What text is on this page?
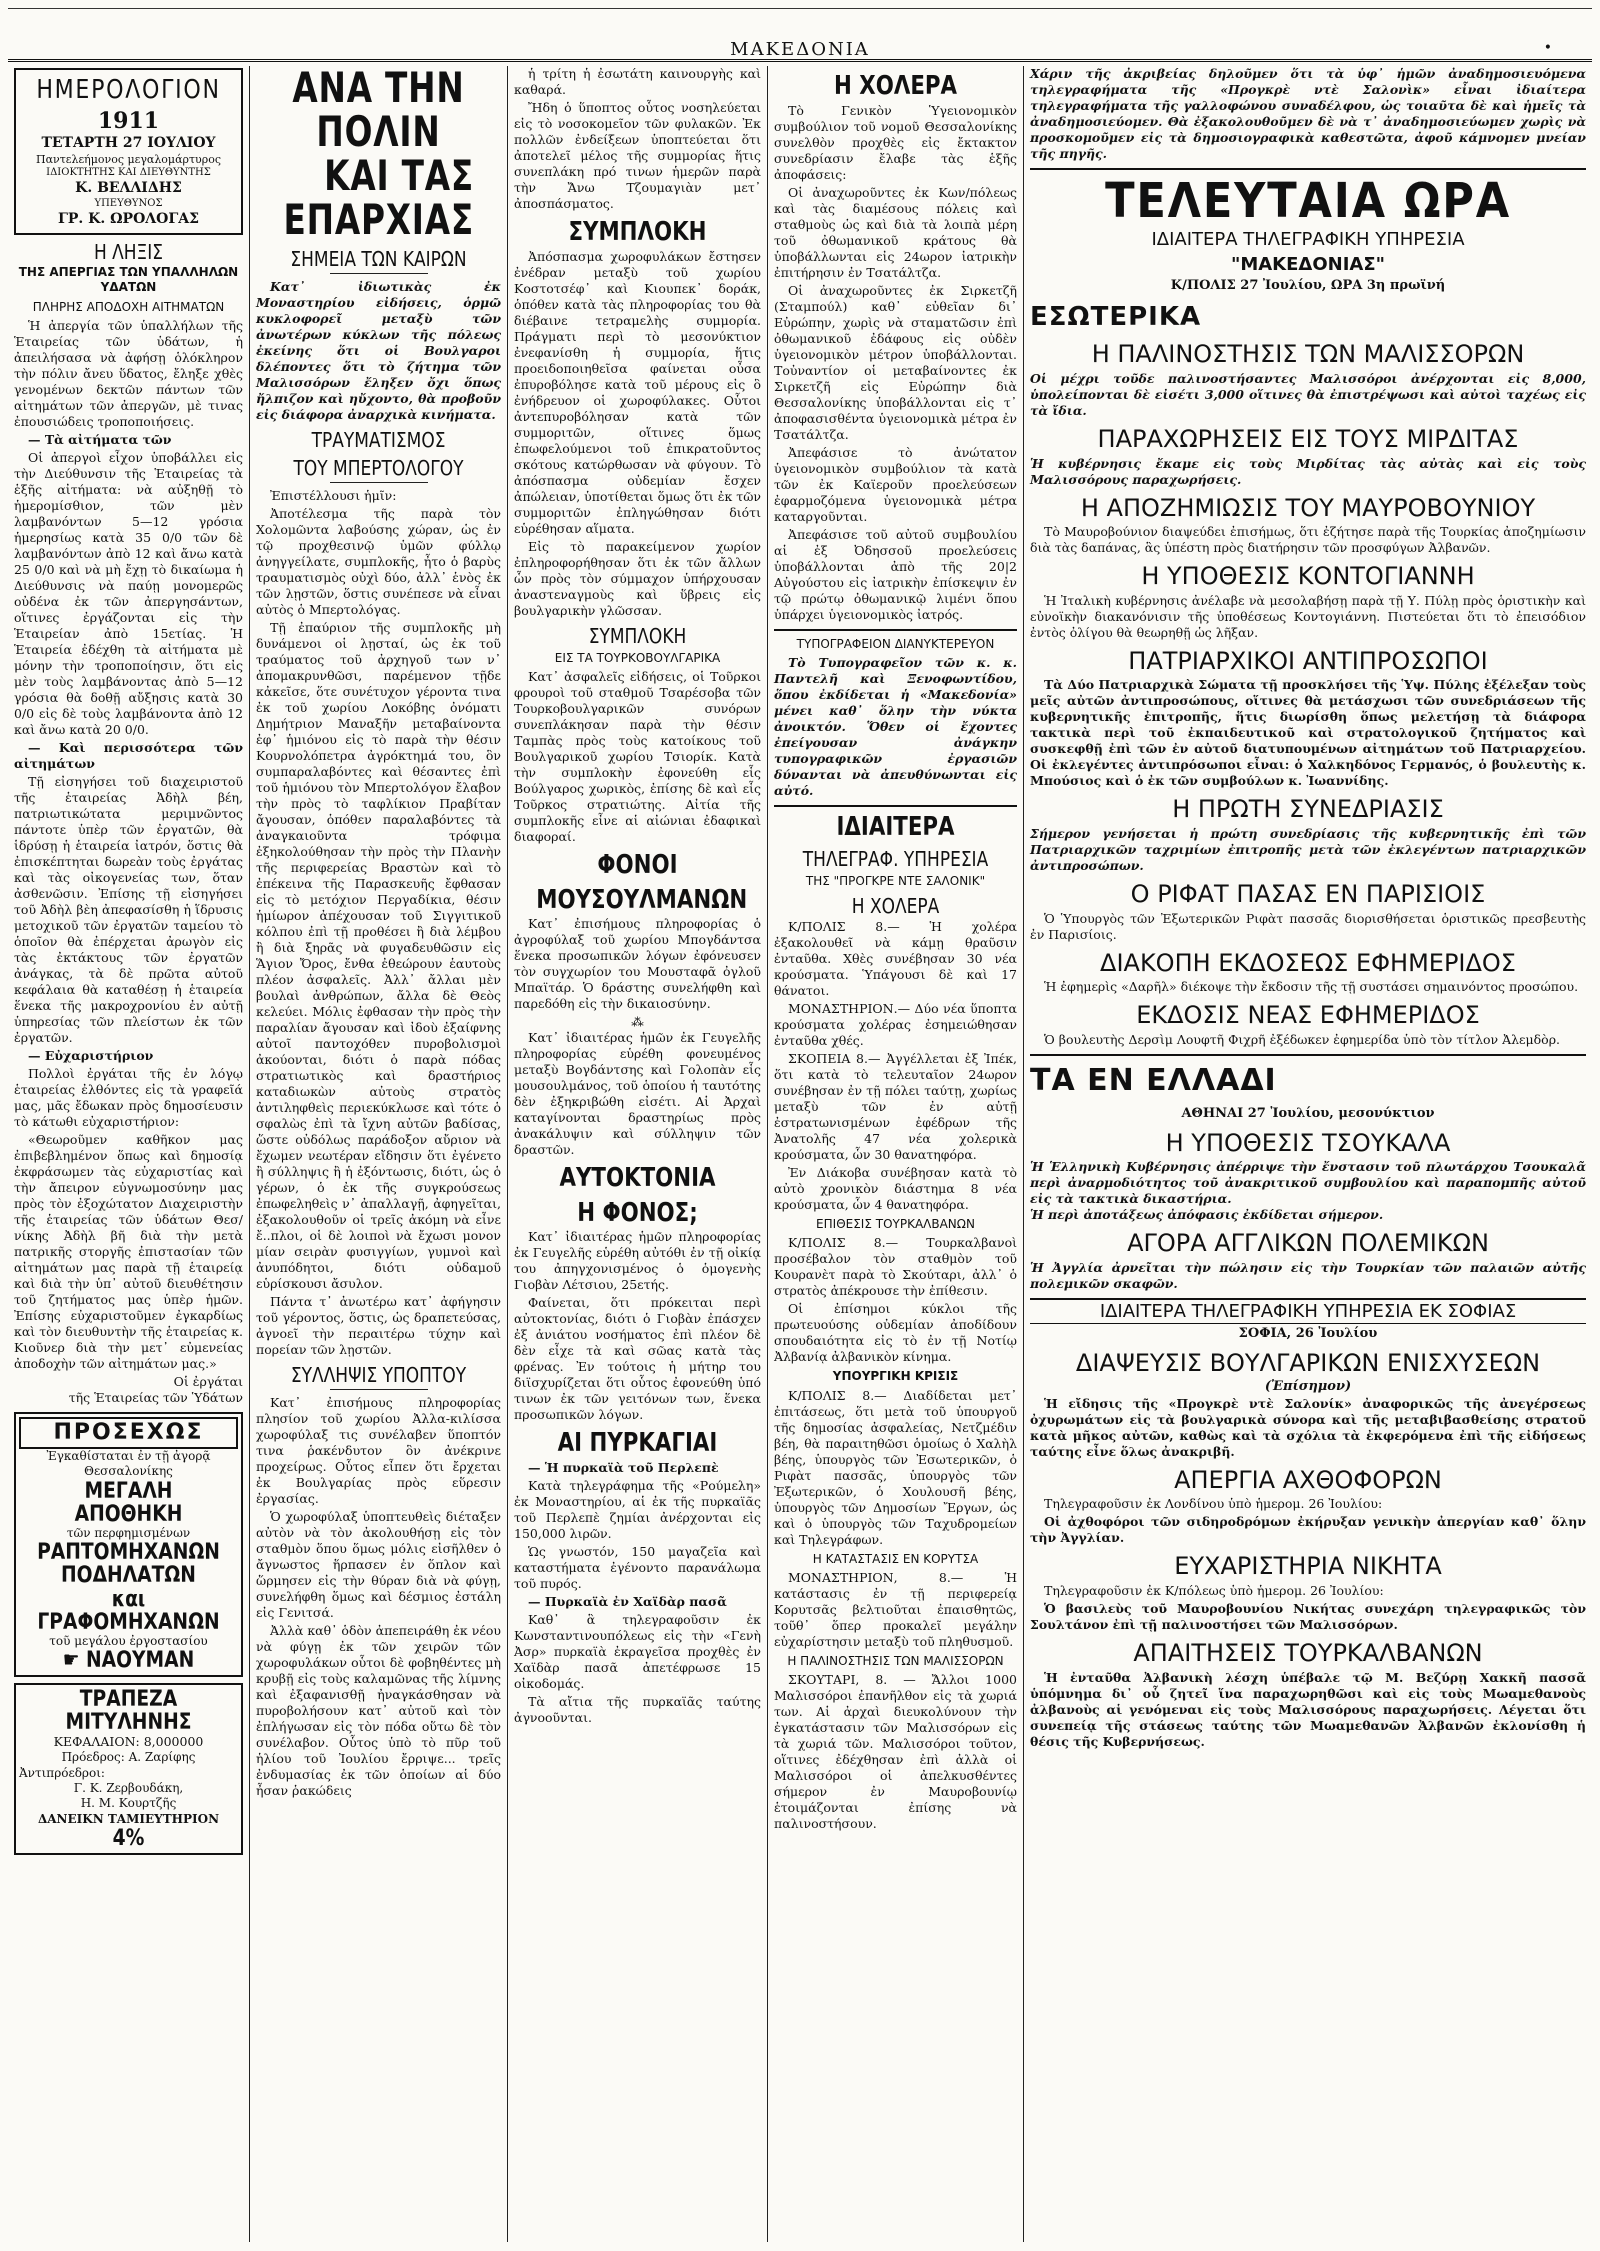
ΜΑΚΕΔΟΝΙΑ	•
ΗΜΕΡΟΛΟΓΙΟΝ
1911
ΤΕΤΑΡΤΗ 27 ΙΟΥΛΙΟΥ
Παντελεήμονος μεγαλομάρτυρος
ΙΔΙΟΚΤΗΤΗΣ ΚΑΙ ΔΙΕΥΘΥΝΤΗΣ
Κ. ΒΕΛΛΙΔΗΣ
ΥΠΕΥΘΥΝΟΣ
ΓΡ. Κ. ΩΡΟΛΟΓΑΣ
Η ΛΗΞΙΣ
ΤΗΣ ΑΠΕΡΓΙΑΣ ΤΩΝ ΥΠΑΛΛΗΛΩΝ ΥΔΑΤΩΝ
ΠΛΗΡΗΣ ΑΠΟΔΟΧΗ ΑΙΤΗΜΑΤΩΝ

Ἡ ἀπεργία τῶν ὑπαλλήλων τῆς Ἑταιρείας τῶν ὑδάτων, ἡ ἀπειλήσασα νὰ ἀφήσῃ ὁλόκληρον τὴν πόλιν ἄνευ ὕδατος, ἔληξε χθὲς γενομένων δεκτῶν πάντων τῶν αἰτημάτων τῶν ἀπεργῶν, μὲ τινας ἐπουσιώδεις τροποποιήσεις.

— Τὰ αἰτήματα τῶν

Οἱ ἀπεργοὶ εἶχον ὑποβάλλει εἰς τὴν Διεύθυνσιν τῆς Ἑταιρείας τὰ ἑξῆς αἰτήματα: νὰ αὐξηθῇ τὸ ἡμερομίσθιον, τῶν μὲν λαμβανόντων 5—12 γρόσια ἡμερησίως κατὰ 35 0/0 τῶν δὲ λαμβανόντων ἀπὸ 12 καὶ ἄνω κατὰ 25 0/0 καὶ νὰ μὴ ἔχῃ τὸ δικαίωμα ἡ Διεύθυνσις νὰ παύῃ μονομερῶς οὐδένα ἐκ τῶν ἀπεργησάντων, οἵτινες ἐργάζονται εἰς τὴν Ἑταιρείαν ἀπὸ 15ετίας. Ἡ Ἑταιρεία ἐδέχθη τὰ αἰτήματα μὲ μόνην τὴν τροποποίησιν, ὅτι εἰς μὲν τοὺς λαμβάνοντας ἀπὸ 5—12 γρόσια θὰ δοθῇ αὔξησις κατὰ 30 0/0 εἰς δὲ τοὺς λαμβάνοντα ἀπὸ 12 καὶ ἄνω κατὰ 20 0/0.

— Καὶ περισσότερα τῶν αἰτημάτων

Τῇ εἰσηγήσει τοῦ διαχειριστοῦ τῆς ἑταιρείας Ἀδὴλ βέη, πατριωτικώτατα μεριμνῶντος πάντοτε ὑπὲρ τῶν ἐργατῶν, θὰ ἱδρύσῃ ἡ ἑταιρεία ἰατρόν, ὅστις θὰ ἐπισκέπτηται δωρεὰν τοὺς ἐργάτας καὶ τὰς οἰκογενείας των, ὅταν ἀσθενῶσιν. Ἐπίσης τῇ εἰσηγήσει τοῦ Ἀδὴλ βὲη ἀπεφασίσθη ἡ ἵδρυσις μετοχικοῦ τῶν ἐργατῶν ταμείου τὸ ὁποῖον θὰ ἐπέρχεται ἀρωγὸν εἰς τὰς ἐκτάκτους τῶν ἐργατῶν ἀνάγκας, τὰ δὲ πρῶτα αὐτοῦ κεφάλαια θὰ καταθέσῃ ἡ ἑταιρεία ἕνεκα τῆς μακροχρονίου ἐν αὐτῇ ὑπηρεσίας τῶν πλείστων ἐκ τῶν ἐργατῶν.

— Εὐχαριστήριον

Πολλοὶ ἐργάται τῆς ἐν λόγῳ ἑταιρείας ἐλθόντες εἰς τὰ γραφεῖά μας, μᾶς ἔδωκαν πρὸς δημοσίευσιν τὸ κάτωθι εὐχαριστήριον:

«Θεωροῦμεν καθῆκον μας ἐπιβεβλημένον ὅπως καὶ δημοσίᾳ ἐκφράσωμεν τὰς εὐχαριστίας καὶ τὴν ἄπειρον εὐγνωμοσύνην μας πρὸς τὸν ἐξοχώτατον Διαχειριστὴν τῆς ἑταιρείας τῶν ὑδάτων Θεσ/νίκης Ἀδὴλ βῆ διὰ τὴν μετὰ πατρικῆς στοργῆς ἐπιστασίαν τῶν αἰτημάτων μας παρὰ τῇ ἑταιρείᾳ καὶ διὰ τὴν ὑπ᾿ αὐτοῦ διευθέτησιν τοῦ ζητήματος μας ὑπὲρ ἡμῶν. Ἐπίσης εὐχαριστοῦμεν ἐγκαρδίως καὶ τὸν διευθυντὴν τῆς ἑταιρείας κ. Κιοῦνερ διὰ τὴν μετ᾿ εὐμενείας ἀποδοχὴν τῶν αἰτημάτων μας.»

Οἱ ἐργάται

τῆς Ἑταιρείας τῶν Ὑδάτων

ΠΡΟΣΕΧΩΣ
Ἐγκαθίσταται ἐν τῇ ἀγορᾷ Θεσσαλονίκης
ΜΕΓΑΛΗ ΑΠΟΘΗΚΗ
τῶν περφημισμένων
ΡΑΠΤΟΜΗΧΑΝΩΝ
ΠΟΔΗΛΑΤΩΝ
και ΓΡΑΦΟΜΗΧΑΝΩΝ
τοῦ μεγάλου ἐργοστασίου
☛ ΝΑΟΥΜΑΝ
ΤΡΑΠΕΖΑ ΜΙΤΥΛΗΝΗΣ
ΚΕΦΑΛΑΙΟΝ: 8,000000
Πρόεδρος: Α. Ζαρίφης
Ἀντιπρόεδροι:
Γ. Κ. Ζερβουδάκη,
Η. Μ. Κουρτζῆς
ΔΑΝΕΙΚΝ ΤΑΜΙΕΥΤΗΡΙΟΝ
4%
ΑΝΑ ΤΗΝ ΠΟΛΙΝ
ΚΑΙ ΤΑΣ ΕΠΑΡΧΙΑΣ
ΣΗΜΕΙΑ ΤΩΝ ΚΑΙΡΩΝ

Κατ᾿ ἰδιωτικὰς ἐκ Μοναστηρίου εἰδήσεις, ὁρμῶ κυκλοφορεῖ μεταξὺ τῶν ἀνωτέρων κύκλων τῆς πόλεως ἐκείνης ὅτι οἱ Βουλγαροι δλέποντες ὅτι τὸ ζήτημα τῶν Μαλισσόρων ἔληξεν ὄχι ὅπως ἤλπιζον καὶ ηὔχοντο, θὰ προβοῦν εἰς διάφορα ἀναρχικὰ κινήματα.

ΤΡΑΥΜΑΤΙΣΜΟΣ
ΤΟΥ ΜΠΕΡΤΟΛΟΓΟΥ

Ἐπιστέλλουσι ἡμῖν:

Ἀποτέλεσμα τῆς παρὰ τὸν Χολομῶντα λαβούσης χώραν, ὡς ἐν τῷ προχθεσινῷ ὑμῶν φύλλῳ ἀνηγγείλατε, συμπλοκῆς, ἦτο ὁ βαρὺς τραυματισμὸς οὐχὶ δύο, ἀλλ᾿ ἑνὸς ἐκ τῶν λῃστῶν, ὅστις συνέπεσε νὰ εἶναι αὐτὸς ὁ Μπερτολόγας.

Τῇ ἐπαύριον τῆς συμπλοκῆς μὴ δυνάμενοι οἱ λῃσταί, ὡς ἐκ τοῦ τραύματος τοῦ ἀρχηγοῦ των ν᾿ ἀπομακρυνθῶσι, παρέμενον τῇδε κἀκεῖσε, ὅτε συνέτυχον γέροντα τινα ἐκ τοῦ χωρίου Λοκόβης ὀνόματι Δημήτριον Μαναξῆν μεταβαίνοντα ἐφ᾿ ἡμιόνου εἰς τὸ παρὰ τὴν θέσιν Κουρνολόπετρα ἀγρόκτημά του, ὃν συμπαραλαβόντες καὶ θέσαντες ἐπὶ τοῦ ἡμιόνου τὸν Μπερτολόγον ἔλαβον τὴν πρὸς τὸ ταφλίκιον Πραβίταν ἄγουσαν, ὁπόθεν παραλαβόντες τὰ ἀναγκαιοῦντα τρόφιμα ἐξηκολούθησαν τὴν πρὸς τὴν Πλανὴν τῆς περιφερείας Βραστὼν καὶ τὸ ἐπέκεινα τῆς Παρασκευῆς ἔφθασαν εἰς τὸ μετόχιον Περγαδίκια, θέσιν ἡμίωρον ἀπέχουσαν τοῦ Σιγγιτικοῦ κόλπου ἐπὶ τῇ προθέσει ἢ διὰ λέμβου ἢ διὰ ξηρᾶς νὰ φυγαδευθῶσιν εἰς Ἅγιον Ὄρος, ἔνθα ἐθεώρουν ἑαυτοὺς πλέον ἀσφαλεῖς. Ἀλλ᾿ ἄλλαι μὲν βουλαὶ ἀνθρώπων, ἄλλα δὲ Θεὸς κελεύει. Μόλις ἐφθασαν τὴν πρὸς τὴν παραλίαν ἄγουσαν καὶ ἰδοὺ ἐξαίφνης αὐτοῖ παντοχόθεν πυροβολισμοὶ ἀκούονται, διότι ὁ παρὰ πόδας στρατιωτικὸς καὶ δραστήριος καταδιωκὼν αὐτοὺς στρατὸς ἀντιληφθεὶς περιεκύκλωσε καὶ τότε ὁ σφαλὼς ἐπὶ τὰ ἴχνη αὐτῶν βαδίσας, ὥστε οὐδόλως παράδοξον αὔριον νὰ ἔχωμεν νεωτέραν εἴδησιν ὅτι ἐγένετο ἢ σύλληψις ἢ ἡ ἐξόντωσις, διότι, ὡς ὁ γέρων, ὁ ἐκ τῆς συγκρούσεως ἐπωφεληθεὶς ν᾿ ἀπαλλαγῇ, ἀφηγεῖται, ἐξακολουθοῦν οἱ τρεῖς ἀκόμη νὰ εἶνε ἔ..πλοι, οἱ δὲ λοιποὶ νὰ ἔχωσι μονον μίαν σειρὰν φυσιγγίων, γυμνοὶ καὶ ἀνυπόδητοι, διότι οὐδαμοῦ εὑρίσκουσι ἄσυλον.

Πάντα τ᾿ ἀνωτέρω κατ᾿ ἀφήγησιν τοῦ γέροντος, ὅστις, ὡς δραπετεύσας, ἀγνοεῖ τὴν περαιτέρω τύχην καὶ πορείαν τῶν λῃστῶν.

ΣΥΛΛΗΨΙΣ ΥΠΟΠΤΟΥ

Κατ᾿ ἐπισήμους πληροφορίας πλησίον τοῦ χωρίου Ἀλλα-κιλίσσα χωροφύλαξ τις συνέλαβεν ὕποπτόν τινα ῥακένδυτον ὃν ἀνέκρινε προχείρως. Οὗτος εἶπεν ὅτι ἔρχεται ἐκ Βουλγαρίας πρὸς εὕρεσιν ἐργασίας.

Ὁ χωροφύλαξ ὑποπτευθεὶς διέταξεν αὐτὸν νὰ τὸν ἀκολουθήσῃ εἰς τὸν σταθμὸν ὅπου ὅμως μόλις εἰσῆλθεν ὁ ἄγνωστος ἥρπασεν ἐν ὅπλον καὶ ὥρμησεν εἰς τὴν θύραν διὰ νὰ φύγῃ, συνελήφθη ὅμως καὶ δέσμιος ἐστάλη εἰς Γενιτσά.

Ἀλλὰ καθ᾿ ὁδὸν ἀπεπειράθη ἐκ νέου νὰ φύγῃ ἐκ τῶν χειρῶν τῶν χωροφυλάκων οὗτοι δὲ φοβηθέντες μὴ κρυβῇ εἰς τοὺς καλαμῶνας τῆς λίμνης καὶ ἐξαφανισθῇ ἠναγκάσθησαν νὰ πυροβολήσουν κατ᾿ αὐτοῦ καὶ τὸν ἐπλήγωσαν εἰς τὸν πόδα οὕτω δὲ τὸν συνέλαβον. Οὗτος ὑπὸ τὸ πῦρ τοῦ ἡλίου τοῦ Ἰουλίου ἔρριψε... τρεῖς ἐνδυμασίας ἐκ τῶν ὁποίων αἱ δύο ἦσαν ῥακώδεις

ἡ τρίτη ἡ ἐσωτάτη καινουργὴς καὶ καθαρά.

Ἤδη ὁ ὕποπτος οὗτος νοσηλεύεται εἰς τὸ νοσοκομεῖον τῶν φυλακῶν. Ἐκ πολλῶν ἐνδείξεων ὑποπτεύεται ὅτι ἀποτελεῖ μέλος τῆς συμμορίας ἥτις συνεπλάκη πρό τινων ἡμερῶν παρὰ τὴν Ἄνω Τζουμαγιὰν μετ᾿ ἀποσπάσματος.

ΣΥΜΠΛΟΚΗ

Ἀπόσπασμα χωροφυλάκων ἔστησεν ἐνέδραν μεταξὺ τοῦ χωρίου Κοστοτσέφ᾿ καὶ Κιουπεκ᾿ δοράκ, ὁπόθεν κατὰ τὰς πληροφορίας του θὰ διέβαινε τετραμελὴς συμμορία. Πράγματι περὶ τὸ μεσονύκτιον ἐνεφανίσθη ἡ συμμορία, ἥτις προειδοποιηθεῖσα φαίνεται οὖσα ἐπυροβόλησε κατὰ τοῦ μέρους εἰς ὃ ἐνήδρευον οἱ χωροφύλακες. Οὗτοι ἀντεπυροβόλησαν κατὰ τῶν συμμοριτῶν, οἵτινες ὅμως ἐπωφελούμενοι τοῦ ἐπικρατοῦντος σκότους κατώρθωσαν νὰ φύγουν. Τὸ ἀπόσπασμα οὐδεμίαν ἔσχεν ἀπώλειαν, ὑποτίθεται ὅμως ὅτι ἐκ τῶν συμμοριτῶν ἐπληγώθησαν διότι εὑρέθησαν αἵματα.

Εἰς τὸ παρακείμενον χωρίον ἐπληροφορήθησαν ὅτι ἐκ τῶν ἄλλων ὧν πρὸς τὸν σύμμαχον ὑπήρχουσαν ἀναστεναγμοὺς καὶ ὕβρεις εἰς βουλγαρικὴν γλῶσσαν.

ΣΥΜΠΛΟΚΗ
ΕΙΣ ΤΑ ΤΟΥΡΚΟΒΟΥΛΓΑΡΙΚΑ

Κατ᾿ ἀσφαλεῖς εἰδήσεις, οἱ Τοῦρκοι φρουροὶ τοῦ σταθμοῦ Τσαρέσοβα τῶν Τουρκοβουλγαρικῶν συνόρων συνεπλάκησαν παρὰ τὴν θέσιν Ταμπὰς πρὸς τοὺς κατοίκους τοῦ Βουλγαρικοῦ χωρίου Τσιορίκ. Κατὰ τὴν συμπλοκὴν ἐφονεύθη εἷς Βούλγαρος χωρικὸς, ἐπίσης δὲ καὶ εἷς Τοῦρκος στρατιώτης. Αἰτία τῆς συμπλοκῆς εἶνε αἱ αἰώνιαι ἐδαφικαὶ διαφοραί.

ΦΟΝΟΙ
ΜΟΥΣΟΥΛΜΑΝΩΝ

Κατ᾿ ἐπισήμους πληροφορίας ὁ ἀγροφύλαξ τοῦ χωρίου Μπογδάντσα ἕνεκα προσωπικῶν λόγων ἐφόνευσεν τὸν συγχωρίον του Μουσταφᾶ ὀγλοῦ Μπαϊτάρ. Ὁ δράστης συνελήφθη καὶ παρεδόθη εἰς τὴν δικαιοσύνην.

⁂

Κατ᾿ ἰδιαιτέρας ἡμῶν ἐκ Γευγελῆς πληροφορίας εὑρέθη φονευμένος μεταξὺ Βογδάντσης καὶ Γολοπὰν εἷς μουσουλμάνος, τοῦ ὁποίου ἡ ταυτότης δὲν ἐξηκριβώθη εἰσέτι. Αἱ Ἀρχαὶ καταγίνονται δραστηρίως πρὸς ἀνακάλυψιν καὶ σύλληψιν τῶν δραστῶν.

ΑΥΤΟΚΤΟΝΙΑ
Η ΦΟΝΟΣ;

Κατ᾿ ἰδιαιτέρας ἡμῶν πληροφορίας ἐκ Γευγελῆς εὑρέθη αὐτόθι ἐν τῇ οἰκίᾳ του ἀπηγχονισμένος ὁ ὁμογενὴς Γιοβὰν Λέτσιου, 25ετής.

Φαίνεται, ὅτι πρόκειται περὶ αὐτοκτονίας, διότι ὁ Γιοβὰν ἐπάσχεν ἐξ ἀνιάτου νοσήματος ἐπὶ πλέον δὲ δὲν εἶχε τὰ καὶ σῶας κατὰ τὰς φρένας. Ἐν τούτοις ἡ μήτηρ του διϊσχυρίζεται ὅτι οὗτος ἐφονεύθη ὑπό τινων ἐκ τῶν γειτόνων των, ἕνεκα προσωπικῶν λόγων.

ΑΙ ΠΥΡΚΑΓΙΑΙ

— Ἡ πυρκαϊὰ τοῦ Περλεπὲ

Κατὰ τηλεγράφημα τῆς «Ρούμελη» ἐκ Μοναστηρίου, αἱ ἐκ τῆς πυρκαϊᾶς τοῦ Περλεπὲ ζημίαι ἀνέρχονται εἰς 150,000 λιρῶν.

Ὡς γνωστόν, 150 μαγαζεῖα καὶ καταστήματα ἐγένοντο παρανάλωμα τοῦ πυρός.

— Πυρκαϊὰ ἐν Χαϊδὰρ πασᾶ

Καθ᾿ ἃ τηλεγραφοῦσιν ἐκ Κωνσταντινουπόλεως εἰς τὴν «Γενὴ Ἀσρ» πυρκαϊὰ ἐκραγεῖσα προχθὲς ἐν Χαϊδὰρ πασᾶ ἀπετέφρωσε 15 οἰκοδομάς.

Τὰ αἴτια τῆς πυρκαϊᾶς ταύτης ἀγνοοῦνται.

Η ΧΟΛΕΡΑ

Τὸ Γενικὸν Ὑγειονομικὸν συμβούλιον τοῦ νομοῦ Θεσσαλονίκης συνελθὸν προχθὲς εἰς ἔκτακτον συνεδρίασιν ἔλαβε τὰς ἑξῆς ἀποφάσεις:

Οἱ ἀναχωροῦντες ἐκ Κων/πόλεως καὶ τὰς διαμέσους πόλεις καὶ σταθμοὺς ὡς καὶ διὰ τὰ λοιπὰ μέρη τοῦ ὀθωμανικοῦ κράτους θὰ ὑποβάλλωνται εἰς 24ωρον ἰατρικὴν ἐπιτήρησιν ἐν Τσατάλτζα.

Οἱ ἀναχωροῦντες ἐκ Σιρκετζῆ (Σταμπούλ) καθ᾿ εὐθεῖαν δι᾿ Εὐρώπην, χωρὶς νὰ σταματῶσιν ἐπὶ ὀθωμανικοῦ ἐδάφους εἰς οὐδὲν ὑγειονομικὸν μέτρον ὑποβάλλονται. Τοὐναντίον οἱ μεταβαίνοντες ἐκ Σιρκετζῆ εἰς Εὐρώπην διὰ Θεσσαλονίκης ὑποβάλλονται εἰς τ᾿ ἀποφασισθέντα ὑγειονομικὰ μέτρα ἐν Τσατάλτζα.

Ἀπεφάσισε τὸ ἀνώτατον ὑγειονομικὸν συμβούλιον τὰ κατὰ τῶν ἐκ Καϊεροῦν προελεύσεων ἐφαρμοζόμενα ὑγειονομικὰ μέτρα καταργοῦνται.

Ἀπεφάσισε τοῦ αὐτοῦ συμβουλίου αἱ ἐξ Ὀδησσοῦ προελεύσεις ὑποβάλλονται ἀπὸ τῆς 20|2 Αὐγούστου εἰς ἰατρικὴν ἐπίσκεψιν ἐν τῷ πρώτῳ ὀθωμανικῷ λιμένι ὅπου ὑπάρχει ὑγειονομικὸς ἰατρός.

ΤΥΠΟΓΡΑΦΕΙΟΝ ΔΙΑΝΥΚΤΕΡΕΥΟΝ

Τὸ Τυπογραφεῖον τῶν κ. κ. Παντελῆ καὶ Ξενοφωντίδου, ὅπου ἐκδίδεται ἡ «Μακεδονία» μένει καθ᾿ ὅλην τὴν νύκτα ἀνοικτόν. Ὅθεν οἱ ἔχοντες ἐπείγουσαν ἀνάγκην τυπογραφικῶν ἐργασιῶν δύνανται νὰ ἀπευθύνωνται εἰς αὐτό.

ΙΔΙΑΙΤΕΡΑ
ΤΗΛΕΓΡΑΦ. ΥΠΗΡΕΣΙΑ
ΤΗΣ "ΠΡΟΓΚΡΕ ΝΤΕ ΣΑΛΟΝΙΚ"
Η ΧΟΛΕΡΑ

Κ/ΠΟΛΙΣ 8.— Ἡ χολέρα ἐξακολουθεῖ νὰ κάμῃ θραῦσιν ἐνταῦθα. Χθὲς συνέβησαν 30 νέα κρούσματα. Ὑπάγουσι δὲ καὶ 17 θάνατοι.

ΜΟΝΑΣΤΗΡΙΟΝ.— Δύο νέα ὕποπτα κρούσματα χολέρας ἐσημειώθησαν ἐνταῦθα χθές.

ΣΚΟΠΕΙΑ 8.— Ἀγγέλλεται ἐξ Ἰπέκ, ὅτι κατὰ τὸ τελευταῖον 24ωρον συνέβησαν ἐν τῇ πόλει ταύτῃ, χωρίως μεταξὺ τῶν ἐν αὐτῇ ἐστρατωνισμένων ἐφέδρων τῆς Ἀνατολῆς 47 νέα χολερικὰ κρούσματα, ὧν 30 θανατηφόρα.

Ἐν Διάκοβα συνέβησαν κατὰ τὸ αὐτὸ χρονικὸν διάστημα 8 νέα κρούσματα, ὧν 4 θανατηφόρα.

ΕΠΙΘΕΣΙΣ ΤΟΥΡΚΑΛΒΑΝΩΝ

Κ/ΠΟΛΙΣ 8.— Τουρκαλβανοὶ προσέβαλον τὸν σταθμὸν τοῦ Κουρανὲτ παρὰ τὸ Σκούταρι, ἀλλ᾿ ὁ στρατὸς ἀπέκρουσε τὴν ἐπίθεσιν.

Οἱ ἐπίσημοι κύκλοι τῆς πρωτευούσης οὐδεμίαν ἀποδίδουν σπουδαιότητα εἰς τὸ ἐν τῇ Νοτίῳ Ἀλβανίᾳ ἀλβανικὸν κίνημα.

ΥΠΟΥΡΓΙΚΗ ΚΡΙΣΙΣ

Κ/ΠΟΛΙΣ 8.— Διαδίδεται μετ᾿ ἐπιτάσεως, ὅτι μετὰ τοῦ ὑπουργοῦ τῆς δημοσίας ἀσφαλείας, Νετζμέδιν βέη, θὰ παραιτηθῶσι ὁμοίως ὁ Χαλὴλ βέης, ὑπουργὸς τῶν Ἐσωτερικῶν, ὁ Ριφὰτ πασσᾶς, ὑπουργὸς τῶν Ἐξωτερικῶν, ὁ Χουλουσῆ βέης, ὑπουργὸς τῶν Δημοσίων Ἔργων, ὡς καὶ ὁ ὑπουργὸς τῶν Ταχυδρομείων καὶ Τηλεγράφων.

Η ΚΑΤΑΣΤΑΣΙΣ ΕΝ ΚΟΡΥΤΣΑ

ΜΟΝΑΣΤΗΡΙΟΝ, 8.— Ἡ κατάστασις ἐν τῇ περιφερείᾳ Κορυτσᾶς βελτιοῦται ἐπαισθητῶς, τοῦθ᾿ ὅπερ προκαλεῖ μεγάλην εὐχαρίστησιν μεταξὺ τοῦ πληθυσμοῦ.

Η ΠΑΛΙΝΟΣΤΗΣΙΣ ΤΩΝ ΜΑΛΙΣΣΟΡΩΝ

ΣΚΟΥΤΑΡΙ, 8. — Ἄλλοι 1000 Μαλισσόροι ἐπανῆλθον εἰς τὰ χωριά των. Αἱ ἀρχαὶ διευκολύνουν τὴν ἐγκατάστασιν τῶν Μαλισσόρων εἰς τὰ χωριά τῶν. Μαλισσόροι τοῦτον, οἵτινες ἐδέχθησαν ἐπὶ ἀλλὰ οἱ Μαλισσόροι οἱ ἀπελκυσθέντες σήμερον ἐν Μαυροβουνίῳ ἑτοιμάζονται ἐπίσης νὰ παλινοστήσουν.

Χάριν τῆς ἀκριβείας δηλοῦμεν ὅτι τὰ ὑφ᾿ ἡμῶν ἀναδημοσιευόμενα τηλεγραφήματα τῆς «Προγκρὲ ντὲ Σαλονὶκ» εἶναι ἰδιαίτερα τηλεγραφήματα τῆς γαλλοφώνου συναδέλφου, ὡς τοιαῦτα δὲ καὶ ἡμεῖς τὰ ἀναδημοσιεύομεν. Θὰ ἐξακολουθοῦμεν δὲ νὰ τ᾿ ἀναδημοσιεύωμεν χωρὶς νὰ προσκομοῦμεν εἰς τὰ δημοσιογραφικὰ καθεστῶτα, ἀφοῦ κάμνομεν μνείαν τῆς πηγῆς.

ΤΕΛΕΥΤΑΙΑ ΩΡΑ
ΙΔΙΑΙΤΕΡΑ ΤΗΛΕΓΡΑΦΙΚΗ ΥΠΗΡΕΣΙΑ
"ΜΑΚΕΔΟΝΙΑΣ"
Κ/ΠΟΛΙΣ 27 Ἰουλίου, ΩΡΑ 3η πρωϊνή
ΕΣΩΤΕΡΙΚΑ
Η ΠΑΛΙΝΟΣΤΗΣΙΣ ΤΩΝ ΜΑΛΙΣΣΟΡΩΝ

Οἱ μέχρι τοῦδε παλινοστήσαντες Μαλισσόροι ἀνέρχονται εἰς 8,000, ὑπολείπονται δὲ εἰσέτι 3,000 οἵτινες θὰ ἐπιστρέψωσι καὶ αὐτοὶ ταχέως εἰς τὰ ἴδια.

ΠΑΡΑΧΩΡΗΣΕΙΣ ΕΙΣ ΤΟΥΣ ΜΙΡΔΙΤΑΣ

Ἡ κυβέρνησις ἔκαμε εἰς τοὺς Μιρδίτας τὰς αὐτὰς καὶ εἰς τοὺς Μαλισσόρους παραχωρήσεις.

Η ΑΠΟΖΗΜΙΩΣΙΣ ΤΟΥ ΜΑΥΡΟΒΟΥΝΙΟΥ

Τὸ Μαυροβούνιον διαψεύδει ἐπισήμως, ὅτι ἐζήτησε παρὰ τῆς Τουρκίας ἀποζημίωσιν διὰ τὰς δαπάνας, ἃς ὑπέστη πρὸς διατήρησιν τῶν προσφύγων Ἀλβανῶν.

Η ΥΠΟΘΕΣΙΣ ΚΟΝΤΟΓΙΑΝΝΗ

Ἡ Ἰταλικὴ κυβέρνησις ἀνέλαβε νὰ μεσολαβήσῃ παρὰ τῇ Υ. Πύλῃ πρὸς ὁριστικὴν καὶ εὐνοϊκὴν διακανόνισιν τῆς ὑποθέσεως Κοντογιάννη. Πιστεύεται ὅτι τὸ ἐπεισόδιον ἐντὸς ὀλίγου θὰ θεωρηθῇ ὡς λῆξαν.

ΠΑΤΡΙΑΡΧΙΚΟΙ ΑΝΤΙΠΡΟΣΩΠΟΙ

Τὰ Δύο Πατριαρχικὰ Σώματα τῇ προσκλήσει τῆς Ὑψ. Πύλης ἐξέλεξαν τοὺς μεῖς αὐτῶν ἀντιπροσώπους, οἵτινες θὰ μετάσχωσι τῶν συνεδριάσεων τῆς κυβερνητικῆς ἐπιτροπῆς, ἥτις διωρίσθη ὅπως μελετήσῃ τὰ διάφορα τακτικὰ περὶ τοῦ ἐκπαιδευτικοῦ καὶ στρατολογικοῦ ζητήματος καὶ συσκεφθῇ ἐπὶ τῶν ἐν αὐτοῦ διατυπουμένων αἰτημάτων τοῦ Πατριαρχείου. Οἱ ἐκλεγέντες ἀντιπρόσωποι εἶναι: ὁ Χαλκηδόνος Γερμανός, ὁ βουλευτὴς κ. Μπούσιος καὶ ὁ ἐκ τῶν συμβούλων κ. Ἰωαννίδης.

Η ΠΡΩΤΗ ΣΥΝΕΔΡΙΑΣΙΣ

Σήμερον γενήσεται ἡ πρώτη συνεδρίασις τῆς κυβερνητικῆς ἐπὶ τῶν Πατριαρχικῶν ταχριμίων ἐπιτροπῆς μετὰ τῶν ἐκλεγέντων πατριαρχικῶν ἀντιπροσώπων.

Ο ΡΙΦΑΤ ΠΑΣΑΣ ΕΝ ΠΑΡΙΣΙΟΙΣ

Ὁ Ὑπουργὸς τῶν Ἐξωτερικῶν Ριφὰτ πασσᾶς διορισθήσεται ὁριστικῶς πρεσβευτὴς ἐν Παρισίοις.

ΔΙΑΚΟΠΗ ΕΚΔΟΣΕΩΣ ΕΦΗΜΕΡΙΔΟΣ

Ἡ ἐφημερὶς «Δαρῆλ» διέκοψε τὴν ἔκδοσιν τῆς τῇ συστάσει σημαινόντος προσώπου.

ΕΚΔΟΣΙΣ ΝΕΑΣ ΕΦΗΜΕΡΙΔΟΣ

Ὁ βουλευτὴς Δερσὶμ Λουφτῆ Φιχρῆ ἐξέδωκεν ἐφημερίδα ὑπὸ τὸν τίτλον Ἀλεμδὸρ.

ΤΑ ΕΝ ΕΛΛΑΔΙ
ΑΘΗΝΑΙ 27 Ἰουλίου, μεσονύκτιον
Η ΥΠΟΘΕΣΙΣ ΤΣΟΥΚΑΛΑ

Ἡ Ἑλληνικὴ Κυβέρνησις ἀπέρριψε τὴν ἔνστασιν τοῦ πλωτάρχου Τσουκαλᾶ περὶ ἀναρμοδιότητος τοῦ ἀνακριτικοῦ συμβουλίου καὶ παραπομπῆς αὐτοῦ εἰς τὰ τακτικὰ δικαστήρια.

Ἡ περὶ ἀποτάξεως ἀπόφασις ἐκδίδεται σήμερον.

ΑΓΟΡΑ ΑΓΓΛΙΚΩΝ ΠΟΛΕΜΙΚΩΝ

Ἡ Ἀγγλία ἀρνεῖται τὴν πώλησιν εἰς τὴν Τουρκίαν τῶν παλαιῶν αὐτῆς πολεμικῶν σκαφῶν.

ΙΔΙΑΙΤΕΡΑ ΤΗΛΕΓΡΑΦΙΚΗ ΥΠΗΡΕΣΙΑ ΕΚ ΣΟΦΙΑΣ
ΣΟΦΙΑ, 26 Ἰουλίου
ΔΙΑΨΕΥΣΙΣ ΒΟΥΛΓΑΡΙΚΩΝ ΕΝΙΣΧΥΣΕΩΝ
(Ἐπίσημον)

Ἡ εἴδησις τῆς «Προγκρὲ ντὲ Σαλονίκ» ἀναφορικῶς τῆς ἀνεγέρσεως ὀχυρωμάτων εἰς τὰ βουλγαρικὰ σύνορα καὶ τῆς μεταβιβασθείσης στρατοῦ κατὰ μῆκος αὐτῶν, καθὼς καὶ τὰ σχόλια τὰ ἐκφερόμενα ἐπὶ τῆς εἰδήσεως ταύτης εἶνε ὅλως ἀνακριβῆ.

ΑΠΕΡΓΙΑ ΑΧΘΟΦΟΡΩΝ

Τηλεγραφοῦσιν ἐκ Λονδίνου ὑπὸ ἡμερομ. 26 Ἰουλίου:

Οἱ ἀχθοφόροι τῶν σιδηροδρόμων ἐκήρυξαν γενικὴν ἀπεργίαν καθ᾿ ὅλην τὴν Ἀγγλίαν.

ΕΥΧΑΡΙΣΤΗΡΙΑ ΝΙΚΗΤΑ

Τηλεγραφοῦσιν ἐκ Κ/πόλεως ὑπὸ ἡμερομ. 26 Ἰουλίου:

Ὁ βασιλεὺς τοῦ Μαυροβουνίου Νικήτας συνεχάρη τηλεγραφικῶς τὸν Σουλτάνον ἐπὶ τῇ παλινοστήσει τῶν Μαλισσόρων.

ΑΠΑΙΤΗΣΕΙΣ ΤΟΥΡΚΑΛΒΑΝΩΝ

Ἡ ἐνταῦθα Ἀλβανικὴ λέσχη ὑπέβαλε τῷ Μ. Βεζύρῃ Χακκῆ πασσᾶ ὑπόμνημα δι᾿ οὗ ζητεῖ ἵνα παραχωρηθῶσι καὶ εἰς τοὺς Μωαμεθανοὺς ἀλβανοὺς αἱ γενόμεναι εἰς τοὺς Μαλισσόρους παραχωρήσεις. Λέγεται ὅτι συνεπείᾳ τῆς στάσεως ταύτης τῶν Μωαμεθανῶν Ἀλβανῶν ἐκλονίσθη ἡ θέσις τῆς Κυβερνήσεως.
